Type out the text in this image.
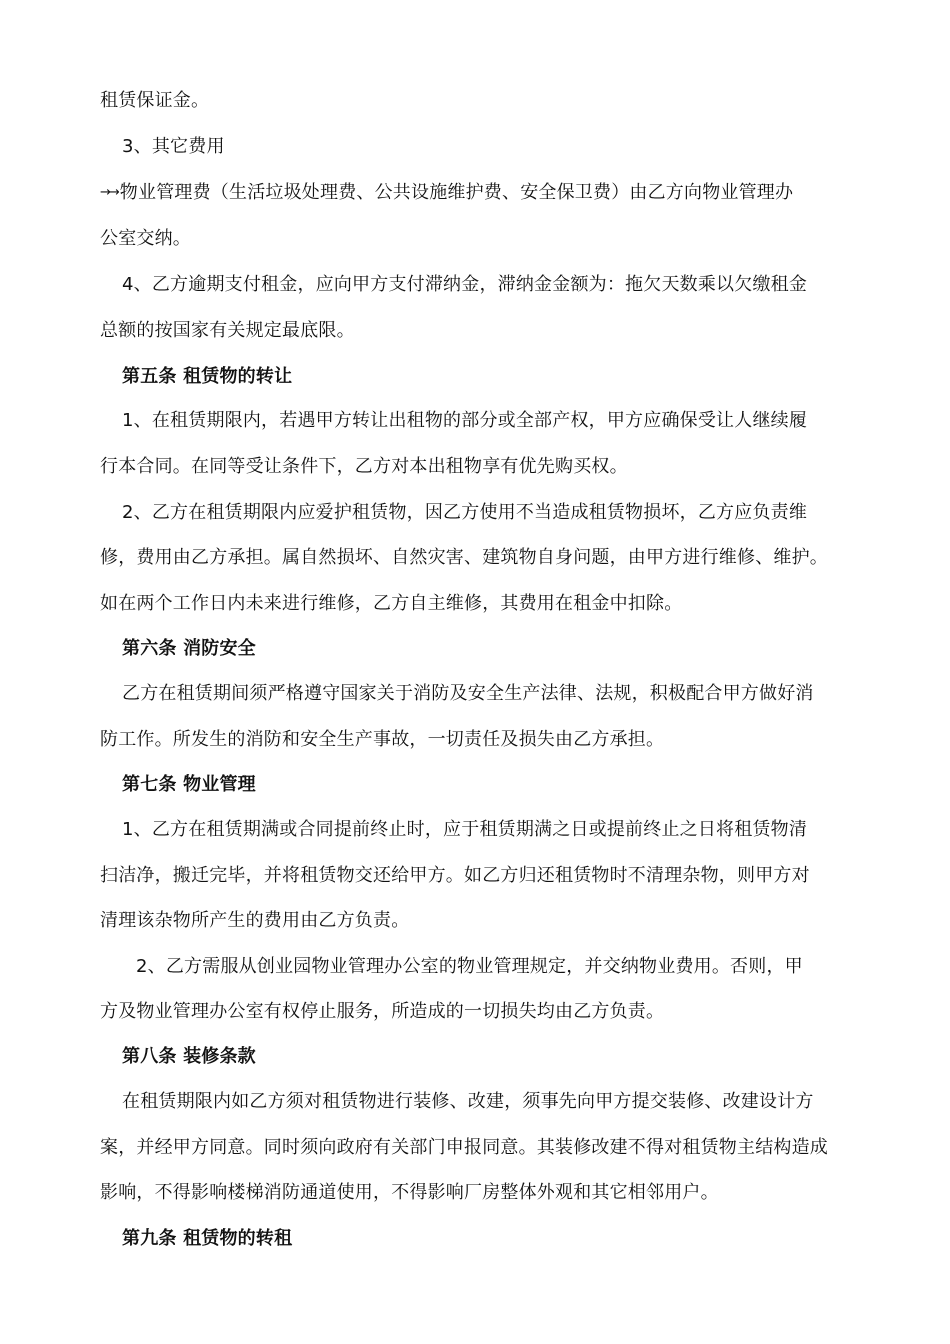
租赁保证金。
3、其它费用
→→ 物业管理费（生活垃圾处理费、公共设施维护费、安全保卫费）由乙方向物业管理办
公室交纳。
4、乙方逾期支付租金，应向甲方支付滞纳金，滞纳金金额为：拖欠天数乘以欠缴租金
总额的按国家有关规定最底限。
第五条 租赁物的转让
1、在租赁期限内，若遇甲方转让出租物的部分或全部产权，甲方应确保受让人继续履
行本合同。在同等受让条件下，乙方对本出租物享有优先购买权。
2、乙方在租赁期限内应爱护租赁物，因乙方使用不当造成租赁物损坏，乙方应负责维
修，费用由乙方承担。属自然损坏、自然灾害、建筑物自身问题，由甲方进行维修、维护。
如在两个工作日内未来进行维修，乙方自主维修，其费用在租金中扣除。
第六条 消防安全
乙方在租赁期间须严格遵守国家关于消防及安全生产法律、法规，积极配合甲方做好消
防工作。所发生的消防和安全生产事故，一切责任及损失由乙方承担。
第七条 物业管理
1、乙方在租赁期满或合同提前终止时，应于租赁期满之日或提前终止之日将租赁物清
扫洁净，搬迁完毕，并将租赁物交还给甲方。如乙方归还租赁物时不清理杂物，则甲方对
清理该杂物所产生的费用由乙方负责。
2、乙方需服从创业园物业管理办公室的物业管理规定，并交纳物业费用。否则，甲
方及物业管理办公室有权停止服务，所造成的一切损失均由乙方负责。
第八条 装修条款
在租赁期限内如乙方须对租赁物进行装修、改建，须事先向甲方提交装修、改建设计方
案，并经甲方同意。同时须向政府有关部门申报同意。其装修改建不得对租赁物主结构造成
影响，不得影响楼梯消防通道使用，不得影响厂房整体外观和其它相邻用户。
第九条 租赁物的转租
